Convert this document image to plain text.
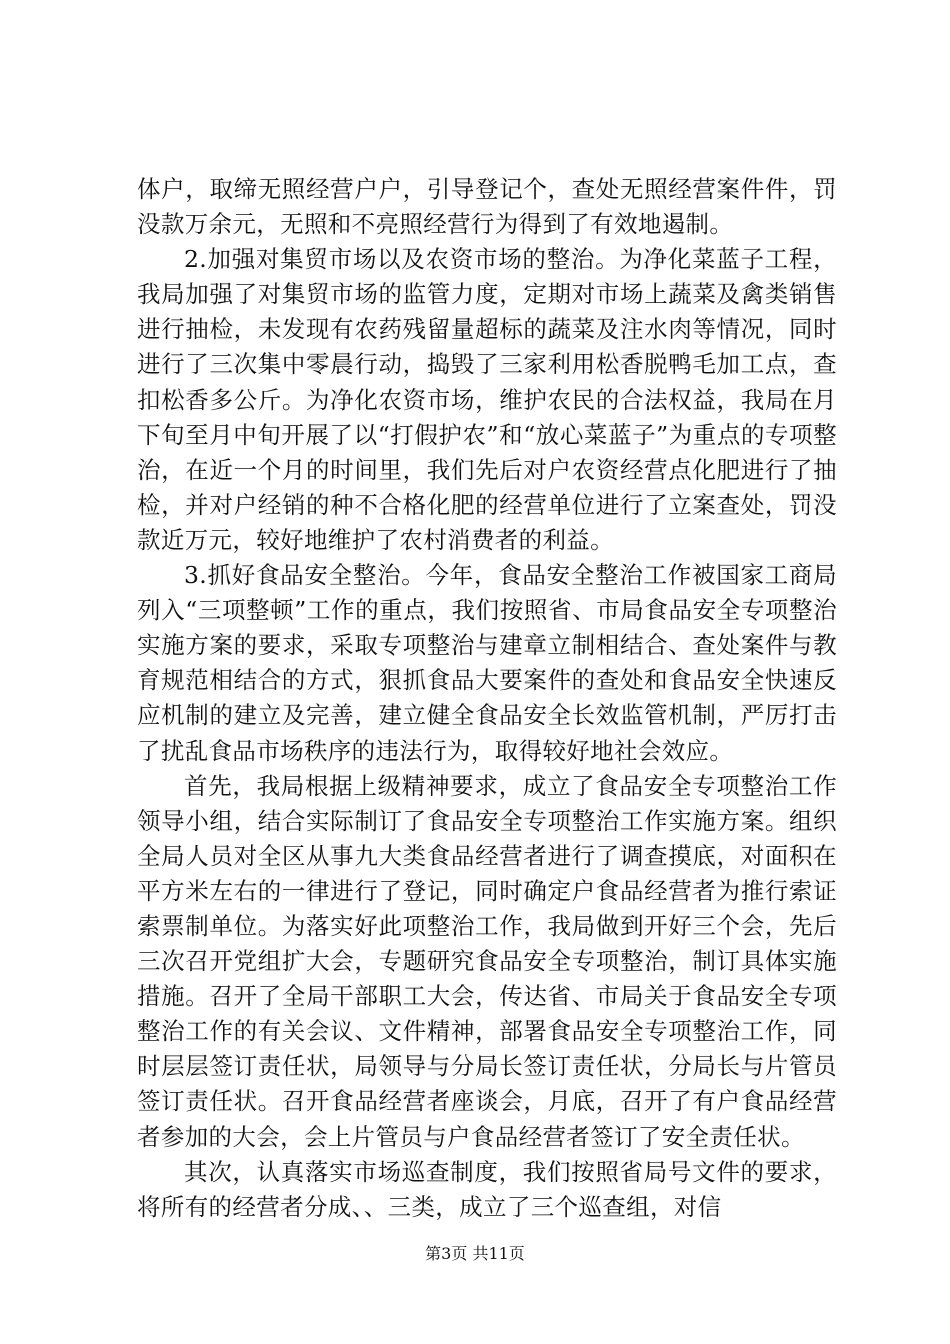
体户，取缔无照经营户户，引导登记个，查处无照经营案件件，罚没款万余元，无照和不亮照经营行为得到了有效地遏制。

2.加强对集贸市场以及农资市场的整治。为净化菜蓝子工程，我局加强了对集贸市场的监管力度，定期对市场上蔬菜及禽类销售进行抽检，未发现有农药残留量超标的蔬菜及注水肉等情况，同时进行了三次集中零晨行动，捣毁了三家利用松香脱鸭毛加工点，查扣松香多公斤。为净化农资市场，维护农民的合法权益，我局在月下旬至月中旬开展了以“打假护农”和“放心菜蓝子”为重点的专项整治，在近一个月的时间里，我们先后对户农资经营点化肥进行了抽检，并对户经销的种不合格化肥的经营单位进行了立案查处，罚没款近万元，较好地维护了农村消费者的利益。

3.抓好食品安全整治。今年，食品安全整治工作被国家工商局列入“三项整顿”工作的重点，我们按照省、市局食品安全专项整治实施方案的要求，采取专项整治与建章立制相结合、查处案件与教育规范相结合的方式，狠抓食品大要案件的查处和食品安全快速反应机制的建立及完善，建立健全食品安全长效监管机制，严厉打击了扰乱食品市场秩序的违法行为，取得较好地社会效应。

首先，我局根据上级精神要求，成立了食品安全专项整治工作领导小组，结合实际制订了食品安全专项整治工作实施方案。组织全局人员对全区从事九大类食品经营者进行了调查摸底，对面积在平方米左右的一律进行了登记，同时确定户食品经营者为推行索证索票制单位。为落实好此项整治工作，我局做到开好三个会，先后三次召开党组扩大会，专题研究食品安全专项整治，制订具体实施措施。召开了全局干部职工大会，传达省、市局关于食品安全专项整治工作的有关会议、文件精神，部署食品安全专项整治工作，同时层层签订责任状，局领导与分局长签订责任状，分局长与片管员签订责任状。召开食品经营者座谈会，月底，召开了有户食品经营者参加的大会，会上片管员与户食品经营者签订了安全责任状。

其次，认真落实市场巡查制度，我们按照省局号文件的要求，将所有的经营者分成、、三类，成立了三个巡查组，对信

第3页 共11页
